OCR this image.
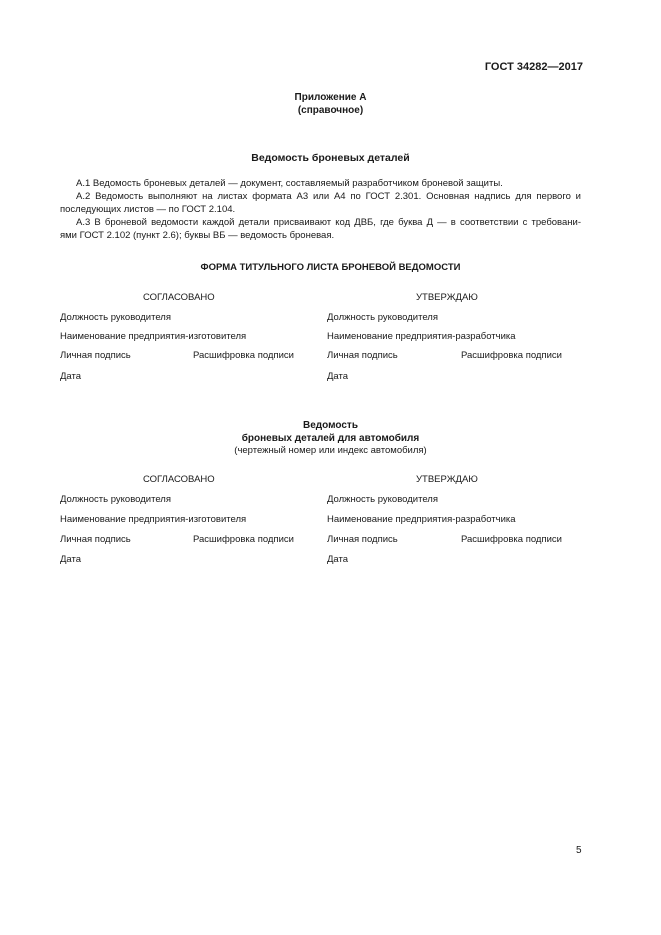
ГОСТ 34282—2017
Приложение А
(справочное)
Ведомость броневых деталей

А.1 Ведомость броневых деталей — документ, составляемый разработчиком броневой защиты.

А.2 Ведомость выполняют на листах формата А3 или А4 по ГОСТ 2.301. Основная надпись для первого и

последующих листов — по ГОСТ 2.104.

А.3 В броневой ведомости каждой детали присваивают код ДВБ, где буква Д — в соответствии с требовани-

ями ГОСТ 2.102 (пункт 2.6); буквы ВБ — ведомость броневая.

ФОРМА ТИТУЛЬНОГО ЛИСТА БРОНЕВОЙ ВЕДОМОСТИ
СОГЛАСОВАНО	УТВЕРЖДАЮ
Должность руководителя	Должность руководителя
Наименование предприятия-изготовителя	Наименование предприятия-разработчика
Личная подпись	Расшифровка подписи	Личная подпись	Расшифровка подписи
Дата	Дата
Ведомость
броневых деталей для автомобиля
(чертежный номер или индекс автомобиля)
СОГЛАСОВАНО	УТВЕРЖДАЮ
Должность руководителя	Должность руководителя
Наименование предприятия-изготовителя	Наименование предприятия-разработчика
Личная подпись	Расшифровка подписи	Личная подпись	Расшифровка подписи
Дата	Дата
5
